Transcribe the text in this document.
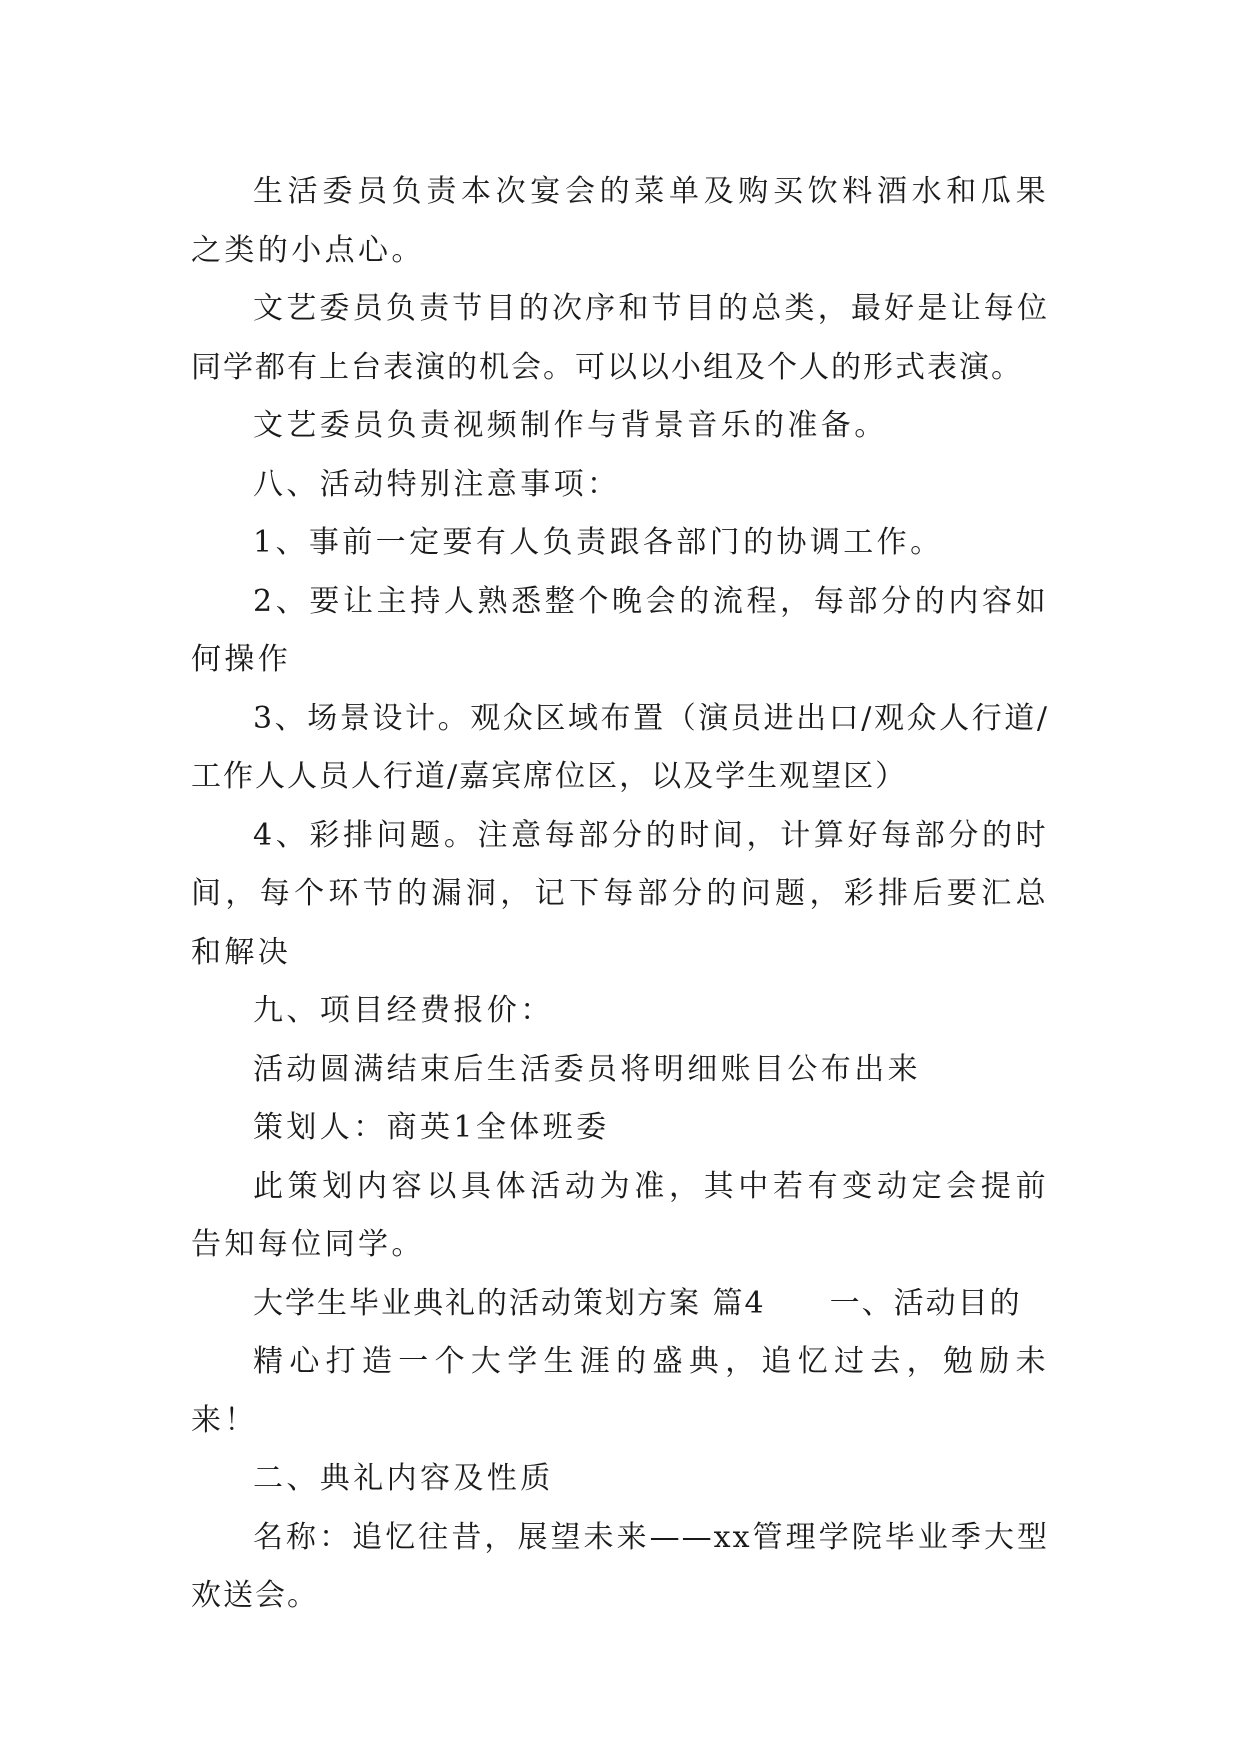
生活委员负责本次宴会的菜单及购买饮料酒水和瓜果之类的小点心。

文艺委员负责节目的次序和节目的总类，最好是让每位同学都有上台表演的机会。可以以小组及个人的形式表演。

文艺委员负责视频制作与背景音乐的准备。

八、活动特别注意事项：

1、事前一定要有人负责跟各部门的协调工作。

2、要让主持人熟悉整个晚会的流程，每部分的内容如何操作

3、场景设计。观众区域布置（演员进出口/观众人行道/工作人人员人行道/嘉宾席位区，以及学生观望区）

4、彩排问题。注意每部分的时间，计算好每部分的时间，每个环节的漏洞，记下每部分的问题，彩排后要汇总和解决

九、项目经费报价：

活动圆满结束后生活委员将明细账目公布出来

策划人：商英1全体班委

此策划内容以具体活动为准，其中若有变动定会提前告知每位同学。

大学生毕业典礼的活动策划方案 篇4　　一、活动目的

精心打造一个大学生涯的盛典，追忆过去，勉励未来！

二、典礼内容及性质

名称：追忆往昔，展望未来——xx管理学院毕业季大型欢送会。
